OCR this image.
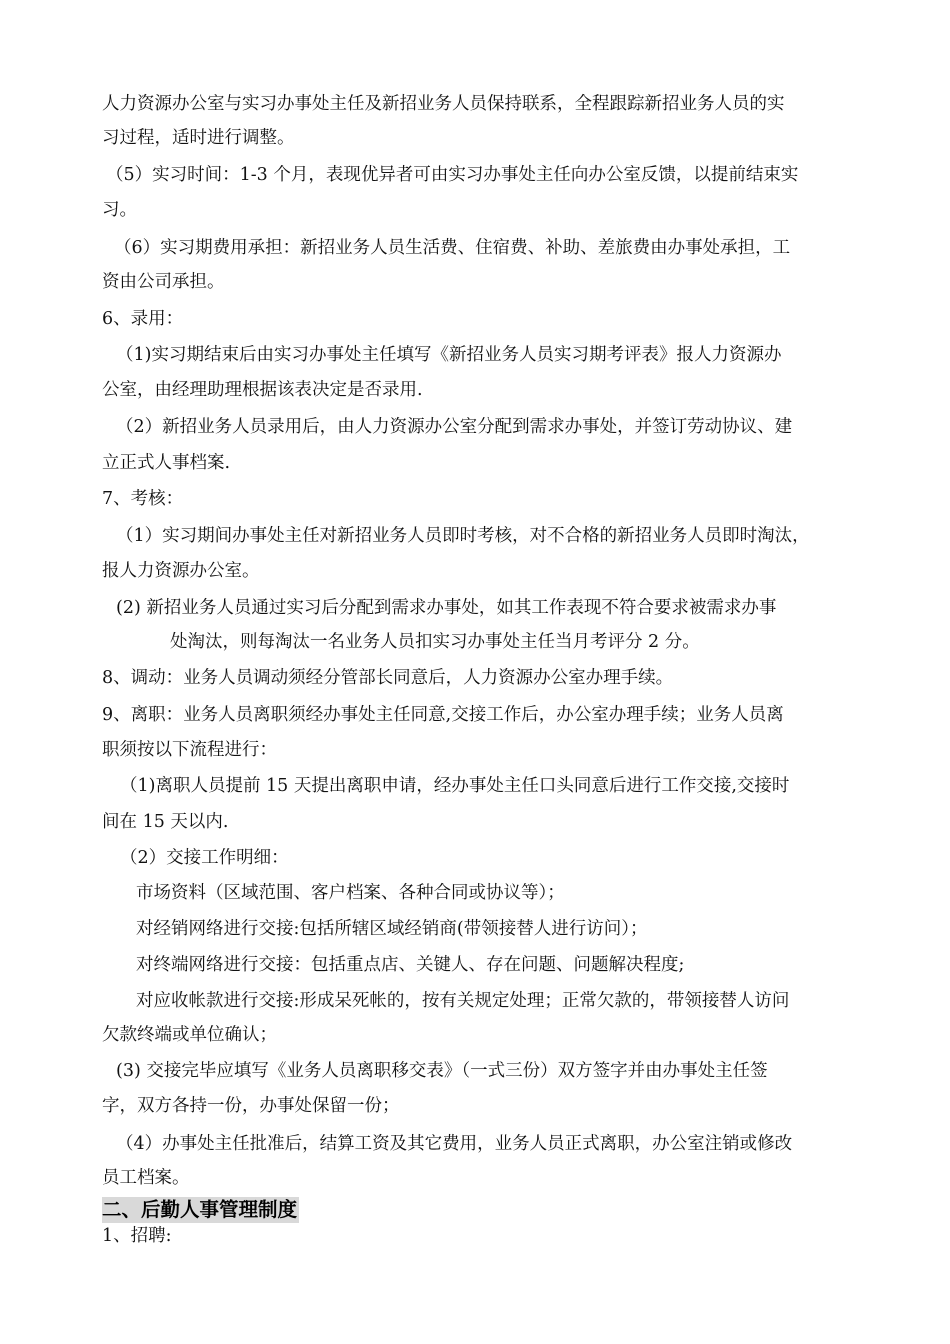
人力资源办公室与实习办事处主任及新招业务人员保持联系，全程跟踪新招业务人员的实
习过程，适时进行调整。
（5）实习时间：1-3 个月，表现优异者可由实习办事处主任向办公室反馈，以提前结束实
习。
（6）实习期费用承担：新招业务人员生活费、住宿费、补助、差旅费由办事处承担，工
资由公司承担。
6、录用：
（1)实习期结束后由实习办事处主任填写《新招业务人员实习期考评表》报人力资源办
公室，由经理助理根据该表决定是否录用.
（2）新招业务人员录用后，由人力资源办公室分配到需求办事处，并签订劳动协议、建
立正式人事档案.
7、考核：
（1）实习期间办事处主任对新招业务人员即时考核，对不合格的新招业务人员即时淘汰，
报人力资源办公室。
(2) 新招业务人员通过实习后分配到需求办事处，如其工作表现不符合要求被需求办事
处淘汰，则每淘汰一名业务人员扣实习办事处主任当月考评分 2 分。
8、调动：业务人员调动须经分管部长同意后，人力资源办公室办理手续。
9、离职：业务人员离职须经办事处主任同意,交接工作后，办公室办理手续；业务人员离
职须按以下流程进行：
（1)离职人员提前 15 天提出离职申请，经办事处主任口头同意后进行工作交接,交接时
间在 15 天以内.
（2）交接工作明细：
市场资料（区域范围、客户档案、各种合同或协议等）；
对经销网络进行交接:包括所辖区域经销商(带领接替人进行访问）；
对终端网络进行交接：包括重点店、关键人、存在问题、问题解决程度;
对应收帐款进行交接:形成呆死帐的，按有关规定处理；正常欠款的，带领接替人访问
欠款终端或单位确认；
(3) 交接完毕应填写《业务人员离职移交表》（一式三份）双方签字并由办事处主任签
字，双方各持一份，办事处保留一份；
（4）办事处主任批准后，结算工资及其它费用，业务人员正式离职，办公室注销或修改
员工档案。
二、后勤人事管理制度
1、招聘:
